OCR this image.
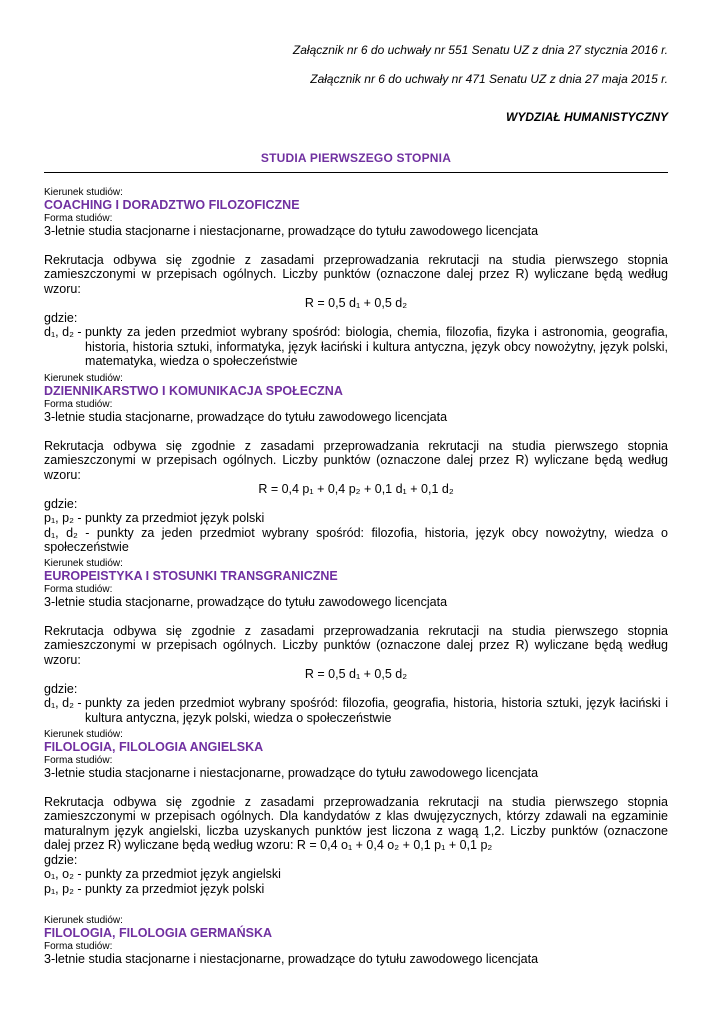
Załącznik nr 6 do uchwały nr 551 Senatu UZ z dnia 27 stycznia 2016 r.
Załącznik nr 6 do uchwały nr 471 Senatu UZ z dnia 27 maja 2015 r.
WYDZIAŁ HUMANISTYCZNY
STUDIA PIERWSZEGO STOPNIA
Kierunek studiów:
COACHING I DORADZTWO FILOZOFICZNE
Forma studiów:
3-letnie studia stacjonarne i niestacjonarne, prowadzące do tytułu zawodowego licencjata
Rekrutacja odbywa się zgodnie z zasadami przeprowadzania rekrutacji na studia pierwszego stopnia zamieszczonymi w przepisach ogólnych. Liczby punktów (oznaczone dalej przez R) wyliczane będą według wzoru:
R = 0,5 d₁ + 0,5 d₂
gdzie:
d₁, d₂ - punkty za jeden przedmiot wybrany spośród: biologia, chemia, filozofia, fizyka i astronomia, geografia, historia, historia sztuki, informatyka, język łaciński i kultura antyczna, język obcy nowożytny, język polski, matematyka, wiedza o społeczeństwie
Kierunek studiów:
DZIENNIKARSTWO I KOMUNIKACJA SPOŁECZNA
Forma studiów:
3-letnie studia stacjonarne, prowadzące do tytułu zawodowego licencjata
Rekrutacja odbywa się zgodnie z zasadami przeprowadzania rekrutacji na studia pierwszego stopnia zamieszczonymi w przepisach ogólnych. Liczby punktów (oznaczone dalej przez R) wyliczane będą według wzoru:
R = 0,4 p₁ + 0,4 p₂ + 0,1 d₁ + 0,1 d₂
gdzie:
p₁, p₂ - punkty za przedmiot język polski
d₁, d₂ - punkty za jeden przedmiot wybrany spośród: filozofia, historia, język obcy nowożytny, wiedza o społeczeństwie
Kierunek studiów:
EUROPEISTYKA I STOSUNKI TRANSGRANICZNE
Forma studiów:
3-letnie studia stacjonarne, prowadzące do tytułu zawodowego licencjata
Rekrutacja odbywa się zgodnie z zasadami przeprowadzania rekrutacji na studia pierwszego stopnia zamieszczonymi w przepisach ogólnych. Liczby punktów (oznaczone dalej przez R) wyliczane będą według wzoru:
R = 0,5 d₁ + 0,5 d₂
gdzie:
d₁, d₂ - punkty za jeden przedmiot wybrany spośród: filozofia, geografia, historia, historia sztuki, język łaciński i kultura antyczna, język polski, wiedza o społeczeństwie
Kierunek studiów:
FILOLOGIA, FILOLOGIA ANGIELSKA
Forma studiów:
3-letnie studia stacjonarne i niestacjonarne, prowadzące do tytułu zawodowego licencjata
Rekrutacja odbywa się zgodnie z zasadami przeprowadzania rekrutacji na studia pierwszego stopnia zamieszczonymi w przepisach ogólnych. Dla kandydatów z klas dwujęzycznych, którzy zdawali na egzaminie maturalnym język angielski, liczba uzyskanych punktów jest liczona z wagą 1,2. Liczby punktów (oznaczone dalej przez R) wyliczane będą według wzoru: R = 0,4 o₁ + 0,4 o₂ + 0,1 p₁ + 0,1 p₂
gdzie:
o₁, o₂ - punkty za przedmiot język angielski
p₁, p₂ - punkty za przedmiot język polski
Kierunek studiów:
FILOLOGIA, FILOLOGIA GERMAŃSKA
Forma studiów:
3-letnie studia stacjonarne i niestacjonarne, prowadzące do tytułu zawodowego licencjata
